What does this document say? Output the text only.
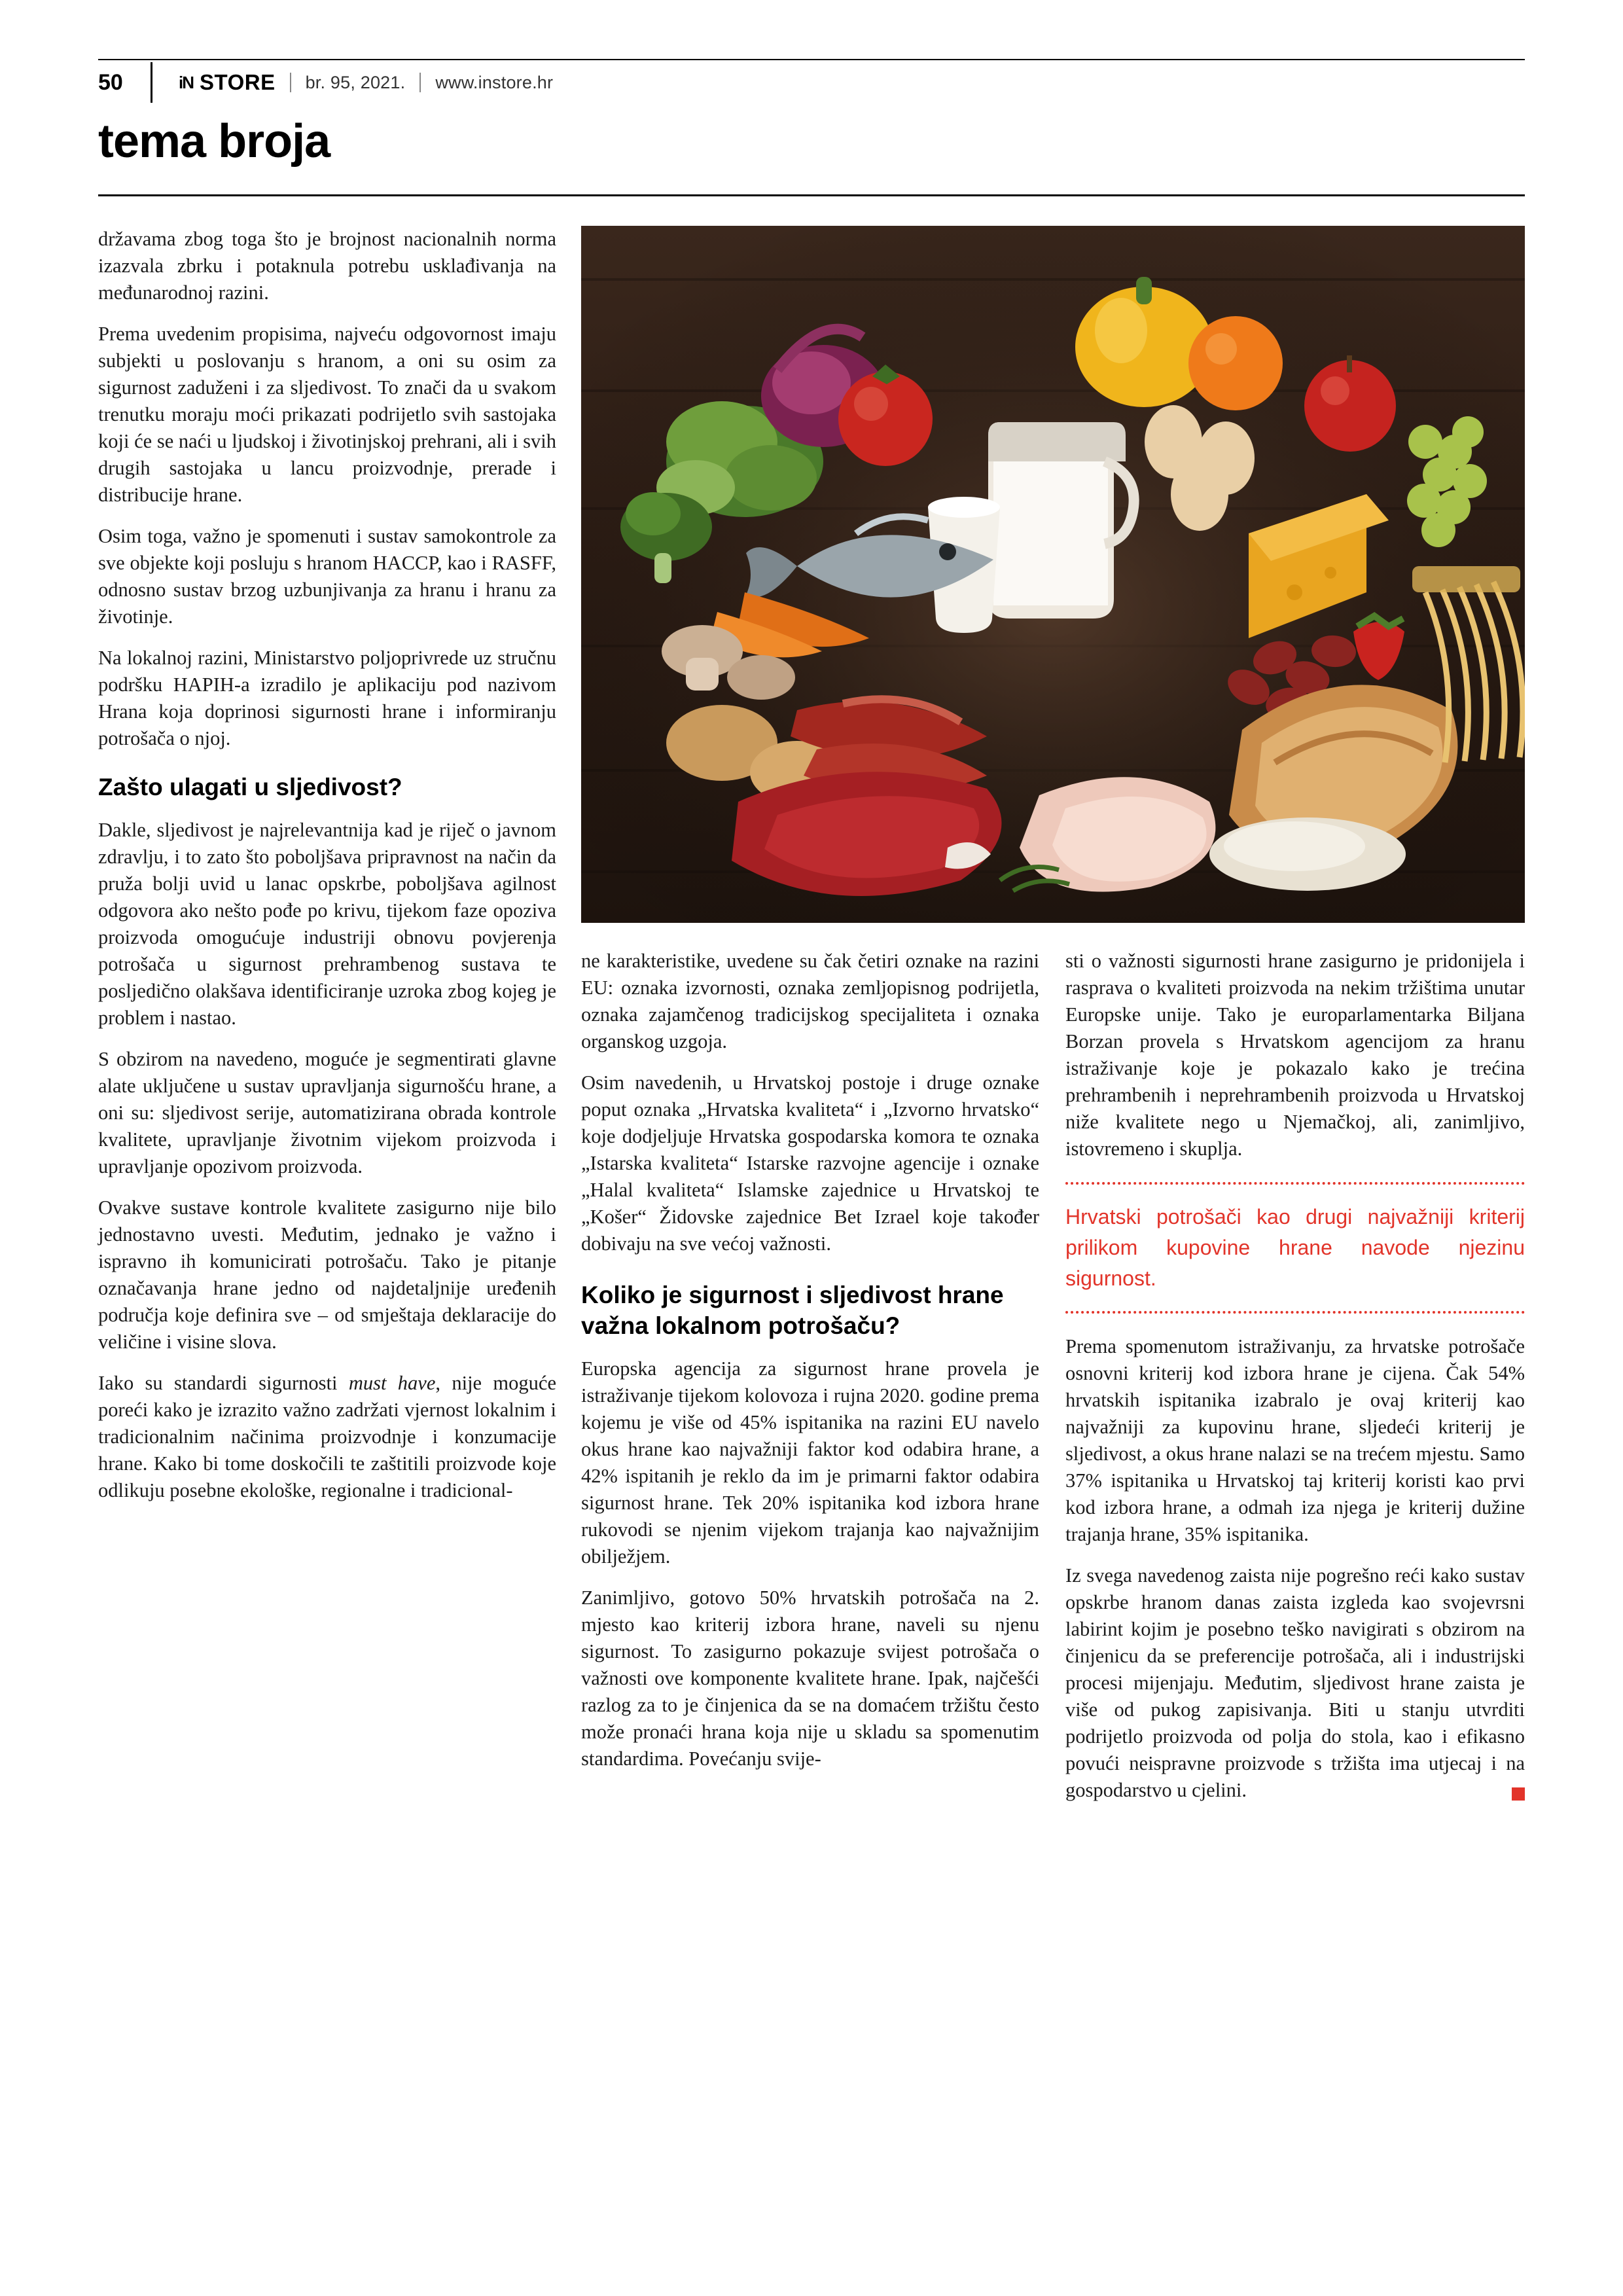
50	iN STORE br. 95, 2021. www.instore.hr
tema broja

državama zbog toga što je brojnost nacionalnih norma izazvala zbrku i potaknula potrebu usklađivanja na međunarodnoj razini.

Prema uvedenim propisima, najveću odgovornost imaju subjekti u poslovanju s hranom, a oni su osim za sigurnost zaduženi i za sljedivost. To znači da u svakom trenutku moraju moći prikazati podrijetlo svih sastojaka koji će se naći u ljudskoj i životinjskoj prehrani, ali i svih drugih sastojaka u lancu proizvodnje, prerade i distribucije hrane.

Osim toga, važno je spomenuti i sustav samokontrole za sve objekte koji posluju s hranom HACCP, kao i RASFF, odnosno sustav brzog uzbunjivanja za hranu i hranu za životinje.

Na lokalnoj razini, Ministarstvo poljoprivrede uz stručnu podršku HAPIH-a izradilo je aplikaciju pod nazivom Hrana koja doprinosi sigurnosti hrane i informiranju potrošača o njoj.

Zašto ulagati u sljedivost?

Dakle, sljedivost je najrelevantnija kad je riječ o javnom zdravlju, i to zato što poboljšava pripravnost na način da pruža bolji uvid u lanac opskrbe, poboljšava agilnost odgovora ako nešto pođe po krivu, tijekom faze opoziva proizvoda omogućuje industriji obnovu povjerenja potrošača u sigurnost prehrambenog sustava te posljedično olakšava identificiranje uzroka zbog kojeg je problem i nastao.

S obzirom na navedeno, moguće je segmentirati glavne alate uključene u sustav upravljanja sigurnošću hrane, a oni su: sljedivost serije, automatizirana obrada kontrole kvalitete, upravljanje životnim vijekom proizvoda i upravljanje opozivom proizvoda.

Ovakve sustave kontrole kvalitete zasigurno nije bilo jednostavno uvesti. Međutim, jednako je važno i ispravno ih komunicirati potrošaču. Tako je pitanje označavanja hrane jedno od najdetaljnije uređenih područja koje definira sve – od smještaja deklaracije do veličine i visine slova.

Iako su standardi sigurnosti must have, nije moguće poreći kako je izrazito važno zadržati vjernost lokalnim i tradicionalnim načinima proizvodnje i konzumacije hrane. Kako bi tome doskočili te zaštitili proizvode koje odlikuju posebne ekološke, regionalne i tradicional-

ne karakteristike, uvedene su čak četiri oznake na razini EU: oznaka izvornosti, oznaka zemljopisnog podrijetla, oznaka zajamčenog tradicijskog specijaliteta i oznaka organskog uzgoja.

Osim navedenih, u Hrvatskoj postoje i druge oznake poput oznaka „Hrvatska kvaliteta“ i „Izvorno hrvatsko“ koje dodjeljuje Hrvatska gospodarska komora te oznaka „Istarska kvaliteta“ Istarske razvojne agencije i oznake „Halal kvaliteta“ Islamske zajednice u Hrvatskoj te „Košer“ Židovske zajednice Bet Izrael koje također dobivaju na sve većoj važnosti.

Koliko je sigurnost i sljedivost hrane važna lokalnom potrošaču?

Europska agencija za sigurnost hrane provela je istraživanje tijekom kolovoza i rujna 2020. godine prema kojemu je više od 45% ispitanika na razini EU navelo okus hrane kao najvažniji faktor kod odabira hrane, a 42% ispitanih je reklo da im je primarni faktor odabira sigurnost hrane. Tek 20% ispitanika kod izbora hrane rukovodi se njenim vijekom trajanja kao najvažnijim obilježjem.

Zanimljivo, gotovo 50% hrvatskih potrošača na 2. mjesto kao kriterij izbora hrane, naveli su njenu sigurnost. To zasigurno pokazuje svijest potrošača o važnosti ove komponente kvalitete hrane. Ipak, najčešći razlog za to je činjenica da se na domaćem tržištu često može pronaći hrana koja nije u skladu sa spomenutim standardima. Povećanju svije-

sti o važnosti sigurnosti hrane zasigurno je pridonijela i rasprava o kvaliteti proizvoda na nekim tržištima unutar Europske unije. Tako je europarlamentarka Biljana Borzan provela s Hrvatskom agencijom za hranu istraživanje koje je pokazalo kako je trećina prehrambenih i neprehrambenih proizvoda u Hrvatskoj niže kvalitete nego u Njemačkoj, ali, zanimljivo, istovremeno i skuplja.

Hrvatski potrošači kao drugi najvažniji kriterij prilikom kupovine hrane navode njezinu sigurnost.

Prema spomenutom istraživanju, za hrvatske potrošače osnovni kriterij kod izbora hrane je cijena. Čak 54% hrvatskih ispitanika izabralo je ovaj kriterij kao najvažniji za kupovinu hrane, sljedeći kriterij je sljedivost, a okus hrane nalazi se na trećem mjestu. Samo 37% ispitanika u Hrvatskoj taj kriterij koristi kao prvi kod izbora hrane, a odmah iza njega je kriterij dužine trajanja hrane, 35% ispitanika.

Iz svega navedenog zaista nije pogrešno reći kako sustav opskrbe hranom danas zaista izgleda kao svojevrsni labirint kojim je posebno teško navigirati s obzirom na činjenicu da se preferencije potrošača, ali i industrijski procesi mijenjaju. Međutim, sljedivost hrane zaista je više od pukog zapisivanja. Biti u stanju utvrditi podrijetlo proizvoda od polja do stola, kao i efikasno povući neispravne proizvode s tržišta ima utjecaj i na gospodarstvo u cjelini.
